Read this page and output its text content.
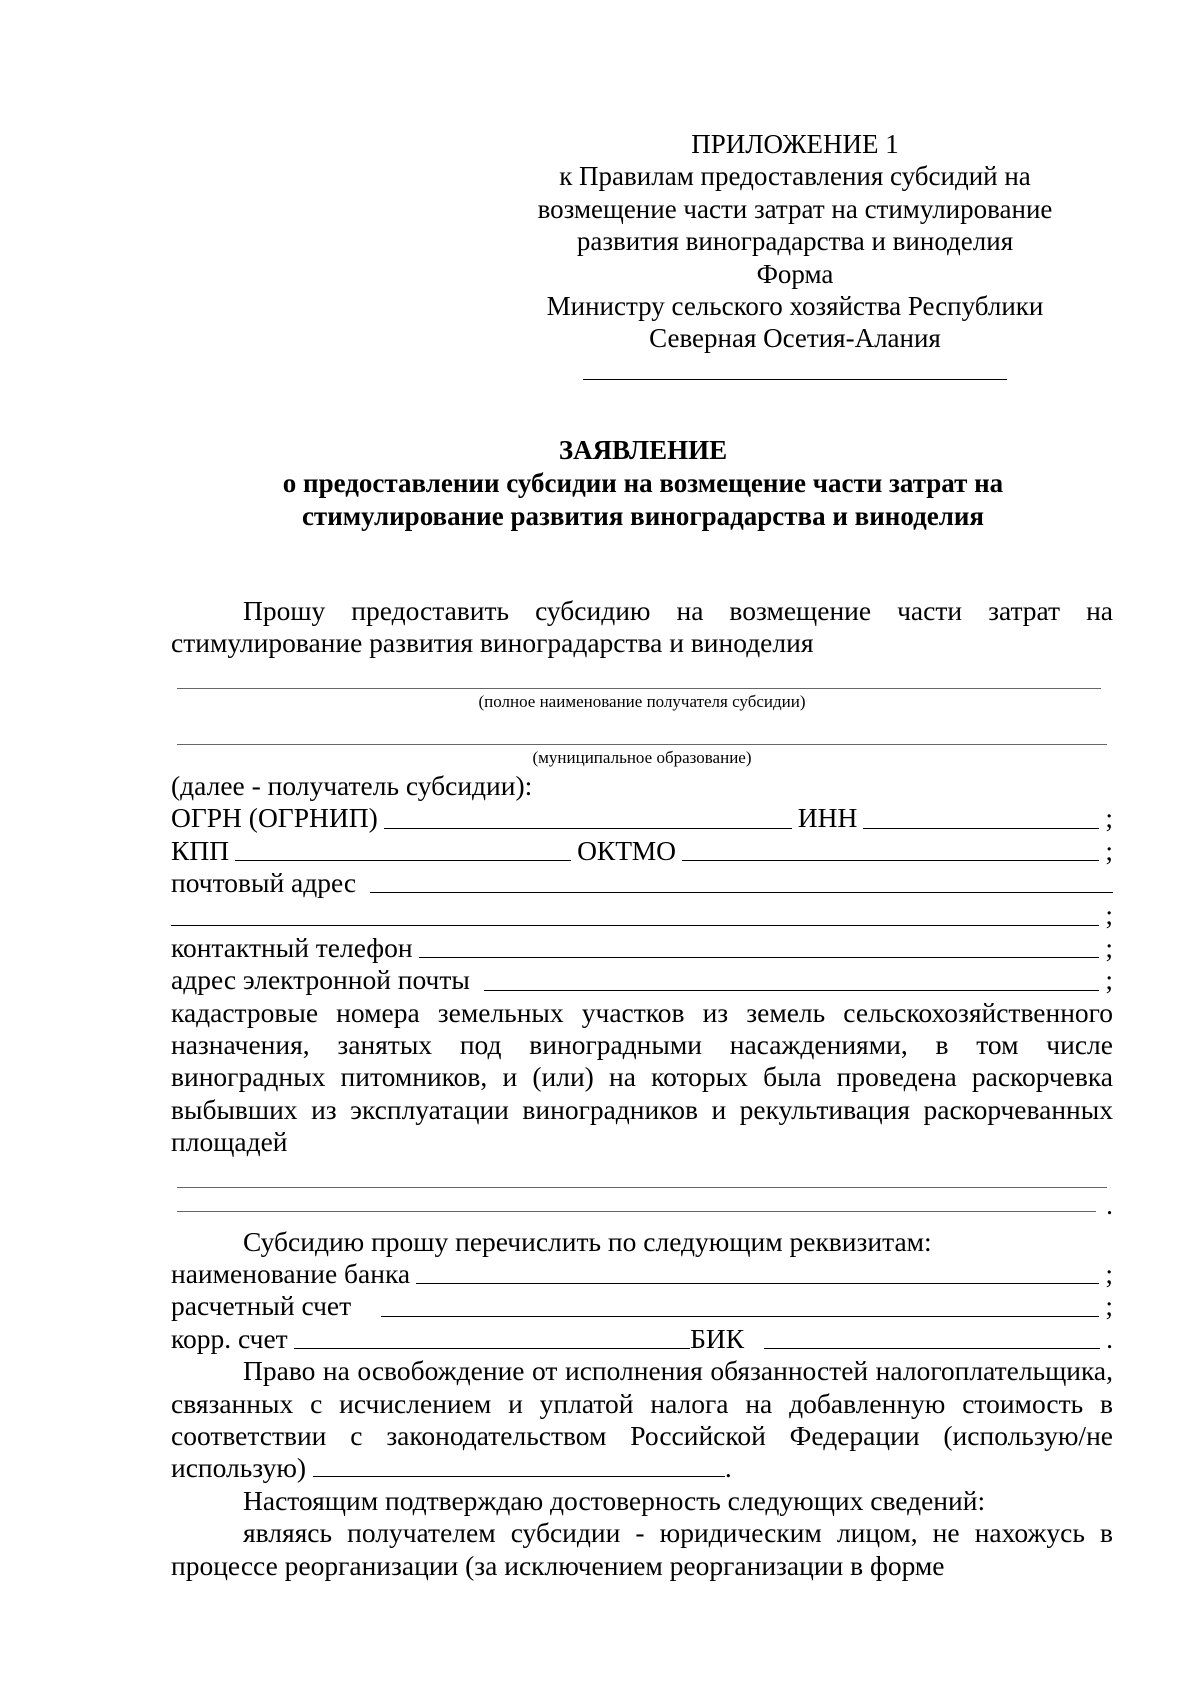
ПРИЛОЖЕНИЕ 1
к Правилам предоставления субсидий на
возмещение части затрат на стимулирование
развития виноградарства и виноделия
Форма
Министру сельского хозяйства Республики
Северная Осетия-Алания
ЗАЯВЛЕНИЕ
о предоставлении субсидии на возмещение части затрат на
стимулирование развития виноградарства и виноделия
Прошу предоставить субсидию на возмещение части затрат на стимулирование развития виноградарства и виноделия
(полное наименование получателя субсидии)
(муниципальное образование)
(далее - получатель субсидии):
ОГРН (ОГРНИП)	ИНН	;
КПП	ОКТМО	;
почтовый адрес
;
контактный телефон	;
адрес электронной почты	;
кадастровые номера земельных участков из земель сельскохозяйственного назначения, занятых под виноградными насаждениями, в том числе виноградных питомников, и (или) на которых была проведена раскорчевка выбывших из эксплуатации виноградников и рекультивация раскорчеванных площадей
.
Субсидию прошу перечислить по следующим реквизитам:
наименование банка	;
расчетный счет	;
корр. счет	БИК	.
Право на освобождение от исполнения обязанностей налогоплательщика, связанных с исчислением и уплатой налога на добавленную стоимость в соответствии с законодательством Российской Федерации (использую/не использую)	.
Настоящим подтверждаю достоверность следующих сведений:
являясь получателем субсидии - юридическим лицом, не нахожусь в процессе реорганизации (за исключением реорганизации в форме
